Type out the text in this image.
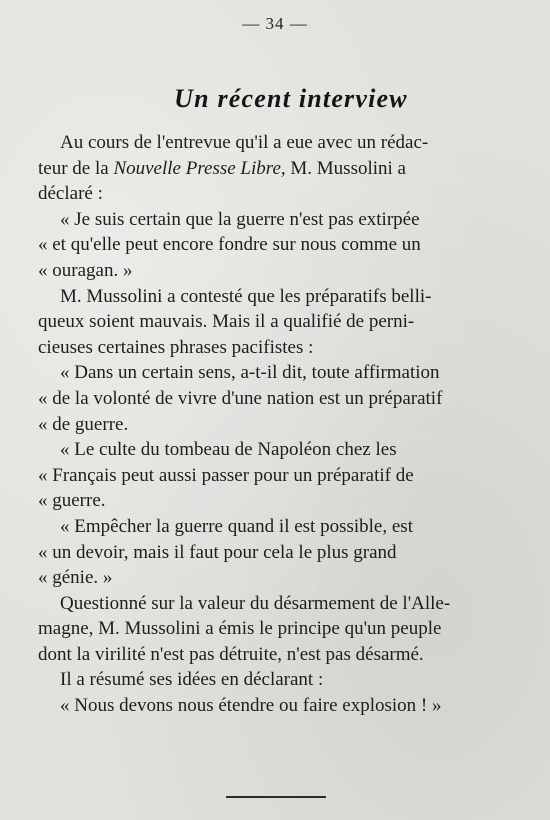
— 34 —
Un récent interview
Au cours de l'entrevue qu'il a eue avec un rédac-
teur de la Nouvelle Presse Libre, M. Mussolini a
déclaré :
« Je suis certain que la guerre n'est pas extirpée
« et qu'elle peut encore fondre sur nous comme un
« ouragan. »
M. Mussolini a contesté que les préparatifs belli-
queux soient mauvais. Mais il a qualifié de perni-
cieuses certaines phrases pacifistes :
« Dans un certain sens, a-t-il dit, toute affirmation
« de la volonté de vivre d'une nation est un préparatif
« de guerre.
« Le culte du tombeau de Napoléon chez les
« Français peut aussi passer pour un préparatif de
« guerre.
« Empêcher la guerre quand il est possible, est
« un devoir, mais il faut pour cela le plus grand
« génie. »
Questionné sur la valeur du désarmement de l'Alle-
magne, M. Mussolini a émis le principe qu'un peuple
dont la virilité n'est pas détruite, n'est pas désarmé.
Il a résumé ses idées en déclarant :
« Nous devons nous étendre ou faire explosion ! »
